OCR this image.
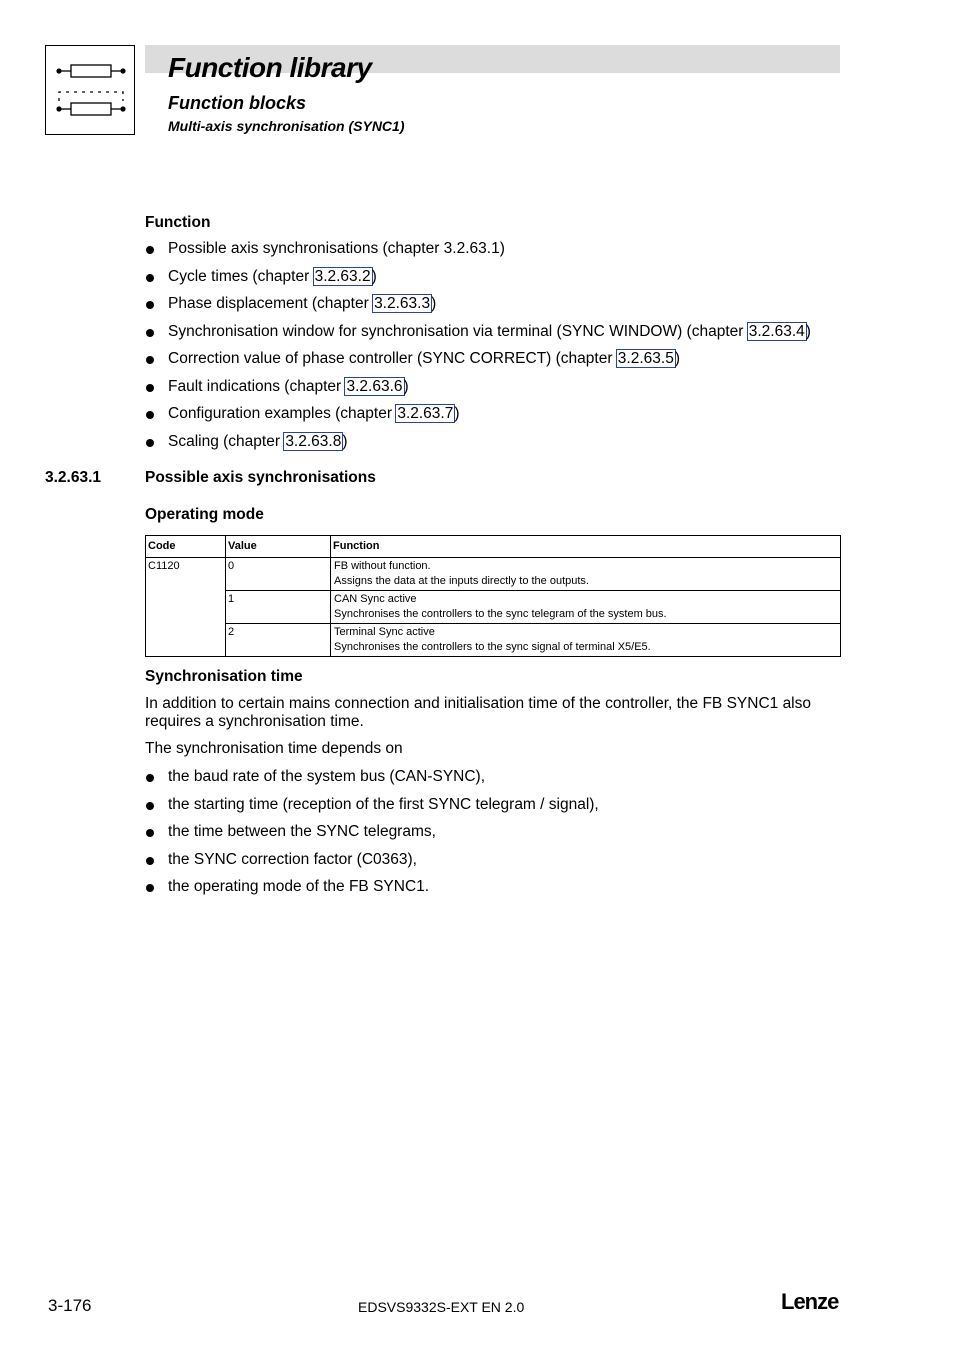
Function library
Function blocks
Multi-axis synchronisation (SYNC1)
Function
Possible axis synchronisations (chapter 3.2.63.1)
Cycle times (chapter 3.2.63.2)
Phase displacement (chapter 3.2.63.3)
Synchronisation window for synchronisation via terminal (SYNC WINDOW) (chapter 3.2.63.4)
Correction value of phase controller (SYNC CORRECT) (chapter 3.2.63.5)
Fault indications (chapter 3.2.63.6)
Configuration examples (chapter 3.2.63.7)
Scaling (chapter 3.2.63.8)
3.2.63.1	Possible axis synchronisations
Operating mode
Code	Value	Function
C1120	0	FB without function.
Assigns the data at the inputs directly to the outputs.

	1	CAN Sync active
Synchronises the controllers to the sync telegram of the system bus.

	2	Terminal Sync active
Synchronises the controllers to the sync signal of terminal X5/E5.
Synchronisation time
In addition to certain mains connection and initialisation time of the controller, the FB SYNC1 also requires a synchronisation time.
The synchronisation time depends on
the baud rate of the system bus (CAN-SYNC),
the starting time (reception of the first SYNC telegram / signal),
the time between the SYNC telegrams,
the SYNC correction factor (C0363),
the operating mode of the FB SYNC1.
3-176	EDSVS9332S-EXT EN 2.0	Lenze
